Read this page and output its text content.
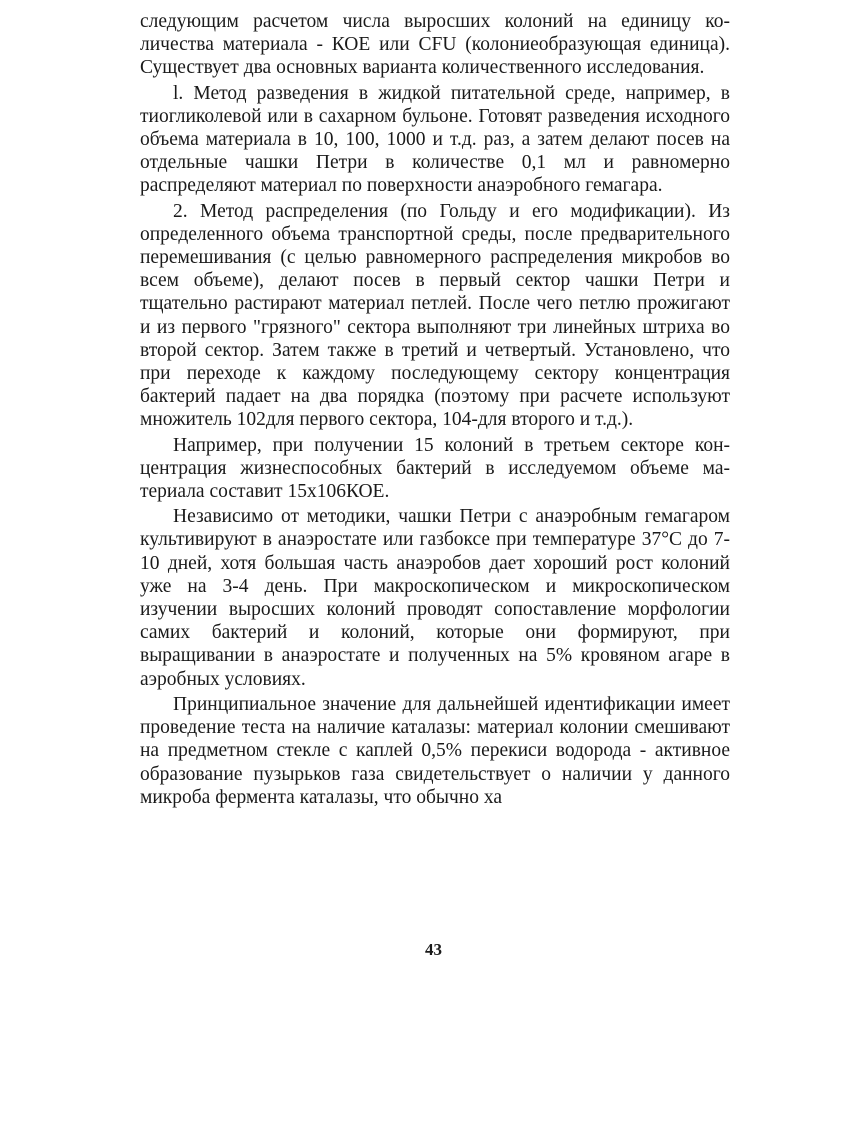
следующим расчетом числа выросших колоний на единицу количества материала - КОЕ или CFU (колониеобразующая единица). Существует два основных варианта количественного исследования.

l. Метод разведения в жидкой питательной среде, например, в тиогликолевой или в сахарном бульоне. Готовят разведения исходного объема материала в 10, 100, 1000 и т.д. раз, а затем делают посев на отдельные чашки Петри в количестве 0,1 мл и равномерно распределяют материал по поверхности анаэробного гемагара.

2. Метод распределения (по Гольду и его модификации). Из определенного объема транспортной среды, после предварительного перемешивания (с целью равномерного распределения микробов во всем объеме), делают посев в первый сектор чашки Петри и тщательно растирают материал петлей. После чего петлю прожигают и из первого "грязного" сектора выполняют три линейных штриха во второй сектор. Затем также в третий и четвертый. Установлено, что при переходе к каждому последующему сектору концентрация бактерий падает на два порядка (поэтому при расчете используют множитель 102для первого сектора, 104-для второго и т.д.).

Например, при получении 15 колоний в третьем секторе концентрация жизнеспособных бактерий в исследуемом объеме материала составит 15x106КОЕ.

Независимо от методики, чашки Петри с анаэробным гемагаром культивируют в анаэростате или газбоксе при температуре 37°С до 7-10 дней, хотя большая часть анаэробов дает хороший рост колоний уже на 3-4 день. При макроскопическом и микроскопическом изучении выросших колоний проводят сопоставление морфологии самих бактерий и колоний, которые они формируют, при выращивании в анаэростате и полученных на 5% кровяном агаре в аэробных условиях.

Принципиальное значение для дальнейшей идентификации имеет проведение теста на наличие каталазы: материал колонии смешивают на предметном стекле с каплей 0,5% перекиси водорода - активное образование пузырьков газа свидетельствует о наличии у данного микроба фермента каталазы, что обычно ха

43
